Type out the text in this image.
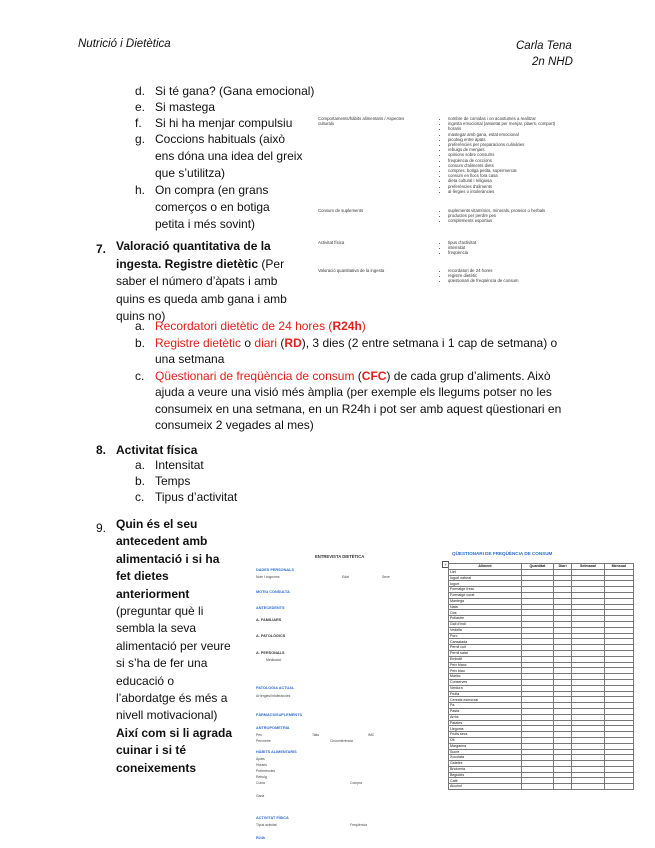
Nutrició i Dietètica	Carla Tena
2n NHD
d. Si té gana? (Gana emocional)
e. Si mastega
f.	Si hi ha menjar compulsiu
g. Coccions habituals (això ens dóna una idea del greix que s’utilitza)
h. On compra (en grans comerços o en botiga petita i més sovint)
Comportaments/hàbits alimentaris / Aspectes culturals
• nombre de comidas i on acostumes a realitzar
• ingesta emocional (ansietat per menjar, plaers, comport)
• horaris
• mastegar amb gana, estat emocional
• picoteig entre àpats
• preferències per preparacions culinàries
• rebuigs de menjars
• opinions sobre consums
• freqüència de coccions
• consum d'aliments diets
• compres, botiga petita, supermercat
• consum en llocs fora casa
• dieta cultural i religiosa
• preferències d'aliments
• al·lèrgies o intoleràncies
Consum de suplements	• suplements vitamínics, minerals, proteics o herbals
• productes per perdre pes
• complements esportius
Activitat física	• tipus d'activitat
• intensitat
• freqüència
Valoració quantitativa de la ingesta	• recordatori de 24 hores
• registre dietètic
• qüestionari de freqüència de consum
7. Valoració quantitativa de la ingesta. Registre dietètic (Per saber el número d’àpats i amb quins es queda amb gana i amb quins no)
a. Recordatori dietètic de 24 hores (R24h)
b. Registre dietètic o diari (RD), 3 dies (2 entre setmana i 1 cap de setmana) o una setmana
c. Qüestionari de freqüència de consum (CFC) de cada grup d’aliments. Això ajuda a veure una visió més àmplia (per exemple els llegums potser no les consumeix en una setmana, en un R24h i pot ser amb aquest qüestionari en consumeix 2 vegades al mes)
8. Activitat física
a. Intensitat
b. Temps
c. Tipus d’activitat
9. Quin és el seu antecedent amb alimentació i si ha fet dietes anteriorment (preguntar què li sembla la seva alimentació per veure si s’ha de fer una educació o l’abordatge és més a nivell motivacional) Així com si li agrada cuinar i si té coneixements
ENTREVISTA DIETÈTICA
DADES PERSONALS
Nom i cognoms	Edat	Sexe
MOTIU CONSULTA
ANTECEDENTS
A. FAMILIARS
A. PATOLÒGICS
A. PERSONALS
Medicació
PATOLOGIA ACTUAL
Al·lèrgies/Intoleràncies
FÀRMACS/SUPLEMENTS
ANTROPOMETRIA
Pes	Talla	IMC
Perímetre	Circumferència
HÀBITS ALIMENTARIS
Àpats
Horaris
Preferències
Rebuig
Cuina	Compra
Gana
ACTIVITAT FÍSICA
Tipus activitat	Freqüència
R24h
QÜESTIONARI DE FREQÜÈNCIA DE CONSUM
+	Aliment	Quantitat	Diari	Setmanal	Mensual
Llet				
Iogurt natural				
Iogurt				
Formatge fresc				
Formatge curat				
Mantega				
Nata				
Ous				
Pollastre				
Gall d'indi				
Vedella				
Porc				
Cansalada				
Pernil cuit				
Pernil salat				
Embotit				
Peix blanc				
Peix blau				
Marisc				
Conserves				
Verdura				
Fruita				
Cereals esmorzar				
Pa				
Pasta				
Arròs				
Patates				
Llegums				
Fruits secs				
Oli				
Margarina				
Sucre				
Xocolata				
Galetes				
Brioixeria				
Begudes				
Cafè				
Alcohol				
